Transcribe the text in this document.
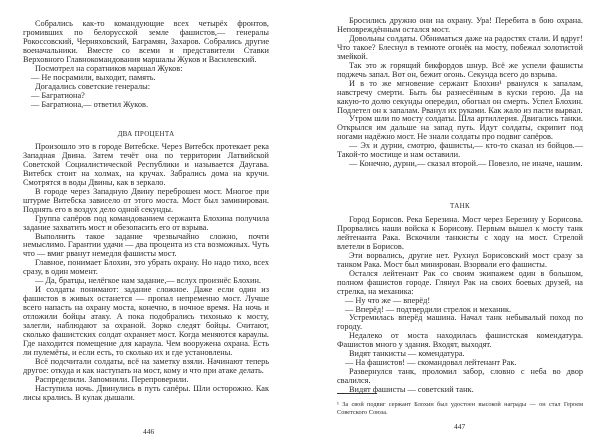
Собрались как-то командующие всех четырёх фронтов, громивших по белорусской земле фашистов,— генералы Рокоссовский, Черняховский, Баграмян, Захаров. Собрались другие военачальники. Вместе со всеми и представители Ставки Верховного Главнокомандования маршалы Жуков и Василевский.

Посмотрел на соратников маршал Жуков:

— Не посрамили, выходит, память.

Догадались советские генералы:

— Багратиона?

— Багратиона,— ответил Жуков.

ДВА ПРОЦЕНТА

Произошло это в городе Витебске. Через Витебск протекает река Западная Двина. Затем течёт она по территории Латвийской Советской Социалистической Республики и называется Даугава. Витебск стоит на холмах, на кручах. Забрались дома на кручи. Смотрятся в воды Двины, как в зеркало.

В городе через Западную Двину переброшен мост. Многое при штурме Витебска зависело от этого моста. Мост был заминирован. Поднять его в воздух дело одной секунды.

Группа сапёров под командованием сержанта Блохина получила задание захватить мост и обезопасить его от взрыва.

Выполнить такое задание чрезвычайно сложно, почти немыслимо. Гарантии удачи — два процента из ста возможных. Чуть что — вмиг рванут немедля фашисты мост.

Главное, понимает Блохин, это убрать охрану. Но надо тихо, всех сразу, в один момент.

— Да, братцы, нелёгкое нам задание,— вслух произнёс Блохин.

И солдаты понимают: задание сложное. Даже если один из фашистов в живых останется — пропал непременно мост. Лучше всего напасть на охрану моста, конечно, в ночное время. На ночь и отложили бойцы атаку. А пока подобрались тихонько к мосту, залегли, наблюдают за охраной. Зорко следят бойцы. Считают, сколько фашистских солдат охраняет мост. Когда меняются караулы. Где находится помещение для караула. Чем вооружена охрана. Есть ли пулемёты, и если есть, то сколько их и где установлены.

Всё подсчитали солдаты, всё на заметку взяли. Начинают теперь другое: откуда и как наступать на мост, кому и что при атаке делать.

Распределили. Запомнили. Перепроверили.

Наступила ночь. Двинулись в путь сапёры. Шли осторожно. Как лисы крались. В кулак дышали.

446

Бросились дружно они на охрану. Ура! Перебита в бою охрана. Неповреждённым остался мост.

Довольны солдаты. Обниматься даже на радостях стали. И вдруг! Что такое? Блеснул в темноте огонёк на мосту, побежал золотистой змейкой.

Так это ж горящий бикфордов шнур. Всё же успели фашисты поджечь запал. Вот он, бежит огонь. Секунда всего до взрыва.

И в то же мгновение сержант Блохин¹ рванулся к запалам, навстречу смерти. Быть бы разнесённым в куски герою. Да на какую-то долю секунды опередил, обогнал он смерть. Успел Блохин. Подлетел он к запалам. Рванул их руками. Как жало из пасти вырвал.

Утром шли по мосту солдаты. Шла артиллерия. Двигались танки. Открылся им дальше на запад путь. Идут солдаты, скрипит под ногами надёжно мост. Не знали солдаты про подвиг сапёров.

— Эх и дурни, смотрю, фашисты,— кто-то сказал из бойцов.— Такой-то мостище и нам оставили.

— Конечно, дурни,— сказал второй.— Повезло, не иначе, нашим.

ТАНК

Город Борисов. Река Березина. Мост через Березину у Борисова. Прорвались наши войска к Борисову. Первым вышел к мосту танк лейтенанта Рака. Вскочили танкисты с ходу на мост. Стрелой влетели в Борисов.

Эти ворвались, другие нет. Рухнул Борисовский мост сразу за танком Рака. Мост был минирован. Взорвали его фашисты.

Остался лейтенант Рак со своим экипажем один в большом, полном фашистов городе. Глянул Рак на своих боевых друзей, на стрелка, на механика:

— Ну что же — вперёд!

— Вперёд! — подтвердили стрелок и механик.

Устремилась вперёд машина. Начал танк небывалый поход по городу.

Недалеко от моста находилась фашистская комендатура. Фашистов много у здания. Входят, выходят.

Видят танкисты — комендатура.

— На фашистов! — скомандовал лейтенант Рак.

Развернулся танк, проломил забор, словно с неба во двор свалился.

Видят фашисты — советский танк.

¹ За свой подвиг сержант Блохин был удостоен высокой награды — он стал Героем Советского Союза.
447
